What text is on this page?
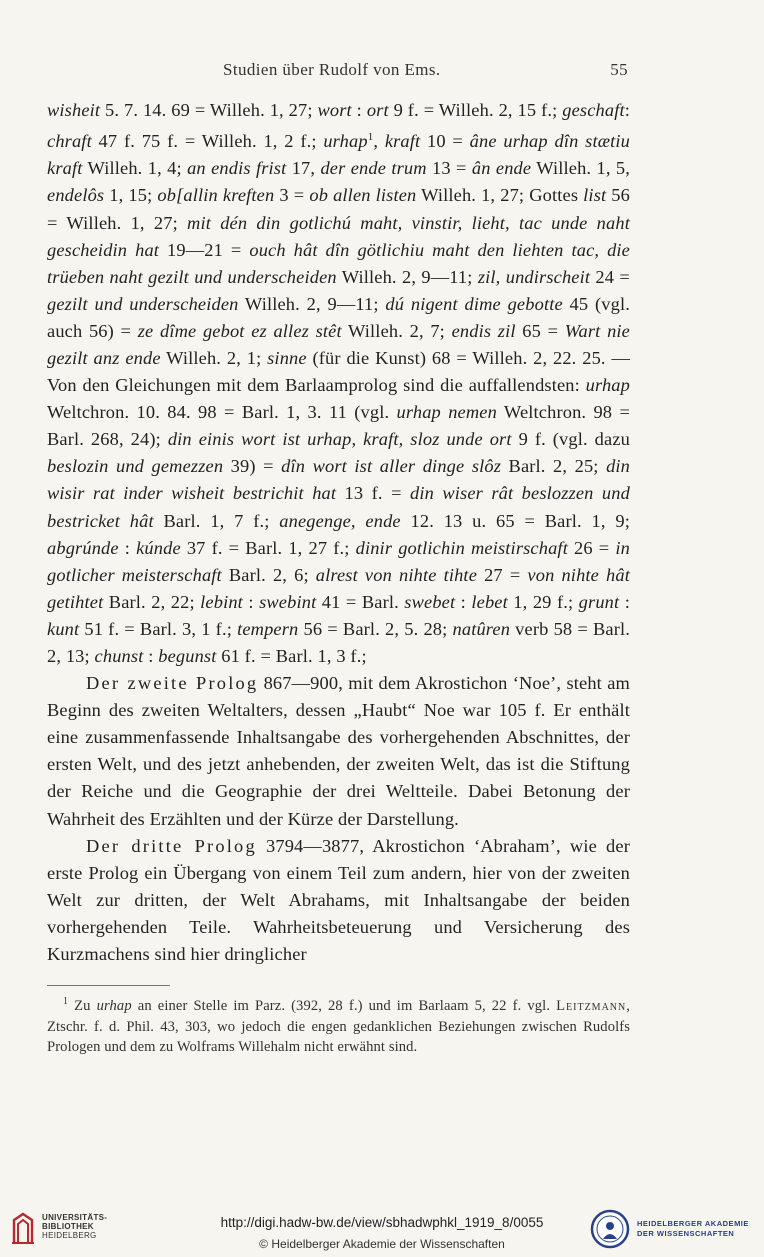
Studien über Rudolf von Ems.	55

wisheit 5. 7. 14. 69 = Willeh. 1, 27; wort : ort 9 f. = Willeh. 2, 15 f.; geschaft: chraft 47 f. 75 f. = Willeh. 1, 2 f.; urhap$^1$, kraft 10 = âne urhap dîn stætiu kraft Willeh. 1, 4; an endis frist 17, der ende trum 13 = ân ende Willeh. 1, 5, endelôs 1, 15; ob[allin kreften 3 = ob allen listen Willeh. 1, 27; Gottes list 56 = Willeh. 1, 27; mit dén din gotlichú maht, vinstir, lieht, tac unde naht gescheidin hat 19—21 = ouch hât dîn götlichiu maht den liehten tac, die trüeben naht gezilt und underscheiden Willeh. 2, 9—11; zil, undirscheit 24 = gezilt und underscheiden Willeh. 2, 9—11; dú nigent dime gebotte 45 (vgl. auch 56) = ze dîme gebot ez allez stêt Willeh. 2, 7; endis zil 65 = Wart nie gezilt anz ende Willeh. 2, 1; sinne (für die Kunst) 68 = Willeh. 2, 22. 25. — Von den Gleichungen mit dem Barlaamprolog sind die auffallendsten: urhap Weltchron. 10. 84. 98 = Barl. 1, 3. 11 (vgl. urhap nemen Weltchron. 98 = Barl. 268, 24); din einis wort ist urhap, kraft, sloz unde ort 9 f. (vgl. dazu beslozin und gemezzen 39) = dîn wort ist aller dinge slôz Barl. 2, 25; din wisir rat inder wisheit bestrichit hat 13 f. = din wiser rât beslozzen und bestricket hât Barl. 1, 7 f.; anegenge, ende 12. 13 u. 65 = Barl. 1, 9; abgrúnde : kúnde 37 f. = Barl. 1, 27 f.; dinir gotlichin meistirschaft 26 = in gotlicher meisterschaft Barl. 2, 6; alrest von nihte tihte 27 = von nihte hât getihtet Barl. 2, 22; lebint : swebint 41 = Barl. swebet : lebet 1, 29 f.; grunt : kunt 51 f. = Barl. 3, 1 f.; tempern 56 = Barl. 2, 5. 28; natûren verb 58 = Barl. 2, 13; chunst : begunst 61 f. = Barl. 1, 3 f.;

Der zweite Prolog 867—900, mit dem Akrostichon ‘Noe’, steht am Beginn des zweiten Weltalters, dessen „Haubt“ Noe war 105 f. Er enthält eine zusammenfassende Inhaltsangabe des vorhergehenden Abschnittes, der ersten Welt, und des jetzt anhebenden, der zweiten Welt, das ist die Stiftung der Reiche und die Geographie der drei Weltteile. Dabei Betonung der Wahrheit des Erzählten und der Kürze der Darstellung.

Der dritte Prolog 3794—3877, Akrostichon ‘Abraham’, wie der erste Prolog ein Übergang von einem Teil zum andern, hier von der zweiten Welt zur dritten, der Welt Abrahams, mit Inhaltsangabe der beiden vorhergehenden Teile. Wahrheitsbeteuerung und Versicherung des Kurzmachens sind hier dringlicher

$^1$ Zu urhap an einer Stelle im Parz. (392, 28 f.) und im Barlaam 5, 22 f. vgl. Leitzmann, Ztschr. f. d. Phil. 43, 303, wo jedoch die engen gedanklichen Beziehungen zwischen Rudolfs Prologen und dem zu Wolframs Willehalm nicht erwähnt sind.

UNIVERSITÄTS-
BIBLIOTHEK
HEIDELBERG
http://digi.hadw-bw.de/view/sbhadwphkl_1919_8/0055
© Heidelberger Akademie der Wissenschaften
HEIDELBERGER AKADEMIE
DER WISSENSCHAFTEN
